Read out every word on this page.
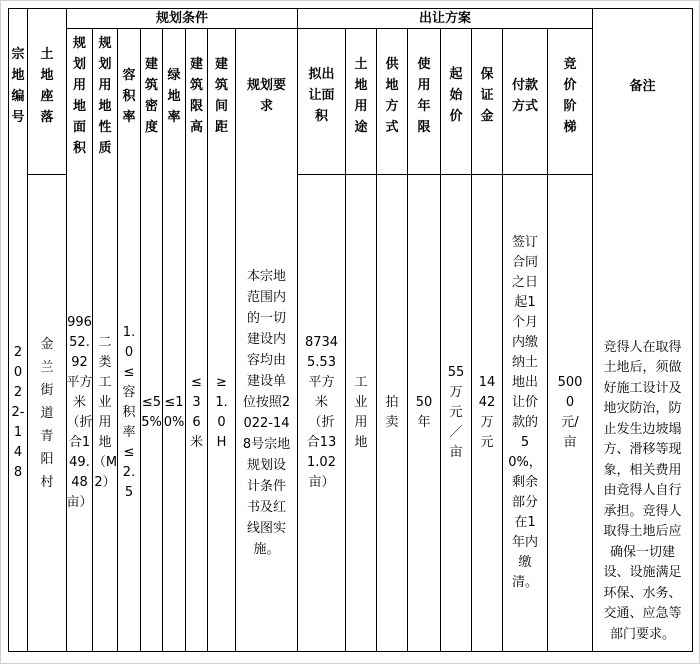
宗地编号
2022-148
土地座落
金兰街道青阳村
规划条件
规划用地面积
99652.92平方米（折合149.48亩）
规划用地性质
二类工业用地（M2）
容积率
1.0≤容积率≤2.5
建筑密度
≤55%
绿地率
≤10%
建筑限高
≤36米
建筑间距
≥1.0H
规划要求
本宗地范围内的一切建设内容均由建设单位按照2022-148号宗地规划设计条件书及红线图实施。
出让方案
拟出让面积
87345.53平方米（折合131.02亩）
土地用途
工业用地
供地方式
拍卖
使用年限
50年
起始价
55万元／亩
保证金
1442万元
付款方式
签订合同之日起1个月内缴纳土地出让价款的50%，剩余部分在1年内缴清。
竞价阶梯
5000元/亩
备注
竞得人在取得土地后，须做好施工设计及地灾防治，防止发生边坡塌方、滑移等现象，相关费用由竞得人自行承担。竞得人取得土地后应确保一切建设、设施满足环保、水务、交通、应急等部门要求。
